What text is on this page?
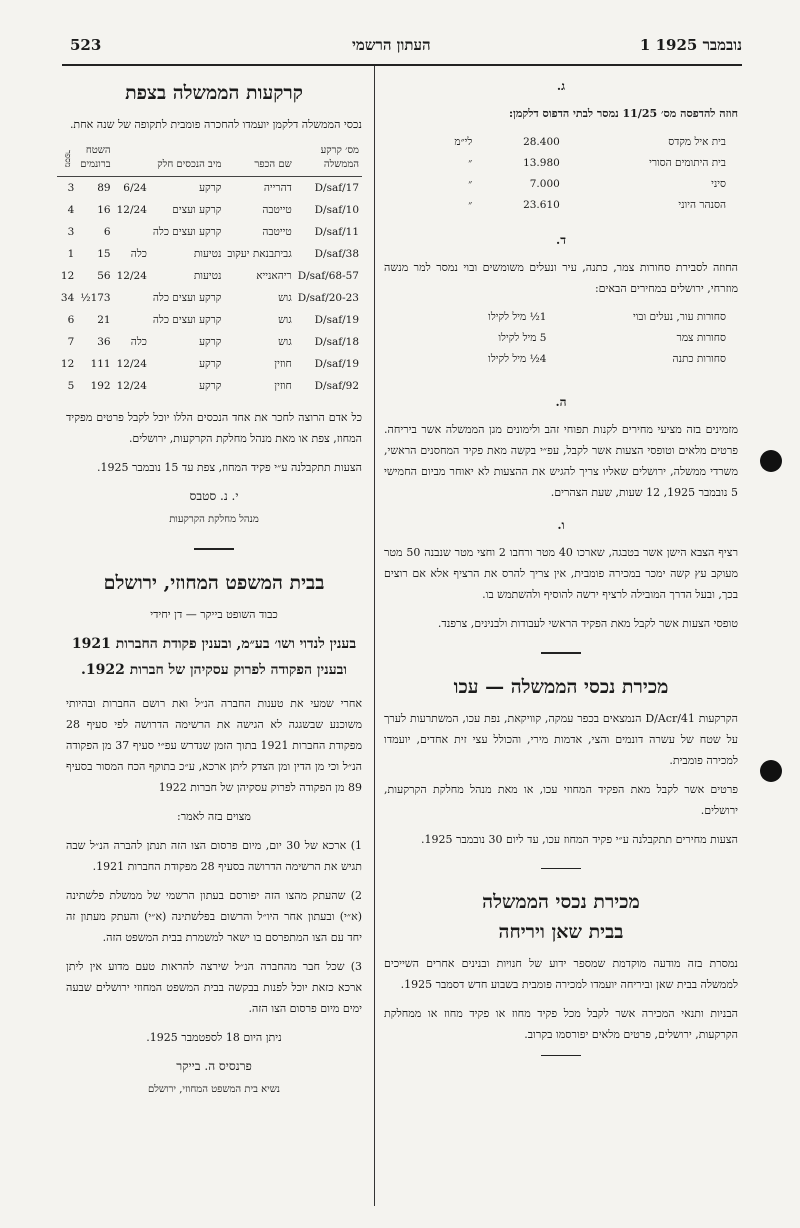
523	העתון הרשמי	1 נובמבר 1925
ג.

חוזה להדפסה מס׳ 11/25 נמסר לבתי הדפוס דלקמן:

בית איל מקדס	28.400	לי״מ
בית היתומים הסורי	13.980	״
סיני	7.000	״
הסנהר היוני	23.610	״
ד.

החוזה לסבירת סחורות צמר, כתנה, עיר ונעלים משומשים ובוי נמסר למר מנשה מוזרחי, ירושלים במחירים הבאים:

סחורות עור, נעלים ובוי	1½ מיל לקילו
סחורות צמר	5 מיל לקילו
סחורות כתנה	4½ מיל לקילו
ה.

מזמינים בזה מציעי מחירים לקנות תפוחי זהב ולימונים מגן הממשלה אשר ביריחה. פרטים מלאים וטופסי הצעות אשר לקבל, עפ״י בקשה מאת פקיד המחסנים הראשי, משרדי ממשלה, ירושלים שאליו צריך להגיש את ההצעות לא יאוחר מביום החמישי 5 נובמבר 1925, 12 שעות, שעת הצהרים.

ו.

רציף הצבא הישן אשר בטבגה, שארכו 40 מטר ורחבו 2 וחצי מטר שנבנה 50 מטר מעוקב עץ קשה ימכר במכירה פומבית, אין צריך להרס את הרציף אלא אם רוצים בכך, ובעל הדרך המובילה לרציף ירשה להוסיף ולהשתמש בו.

טופסי הצעות אשר לקבל מאת הפקיד הראשי לעבודות ולבנינים, צרפנד.

מכירת נכסי הממשלה — עכו

הקרקעות D/Acr/41 הנמצאים בכפר עמקה, קוויקאת, נפת עכו, המשתרעות לערך על שטח של עשרה דונמים והצי, אדמות מירי, והכולל עצי זית אחדים, יועמדו למכירה פומבית.

פרטים אשר לקבל מאת הפקיד המחוזי עכו, או מאת מנהל מחלקת הקרקעות, ירושלים.

הצעות מחירים תתקבלנה ע״י פקיד המחוז עכו, עד ליום 30 נובמבר 1925.

מכירת נכסי הממשלה
בבית שאן ויריחה

נמסרת בזה מודעה מוקדמת שמספר ידוע של חנויות ובנינים אחרים השייכים לממשלה בבית שאן וביריחה יועמדו למכירה פומבית בשבוע חדש דסמבר 1925.

הבניות ותנאי המכירה אשר לקבל מכל פקיד מחוז או פקיד מחוז או ממחלקת הקרקעות, ירושלים, פרטים מלאים יפורסמו בקרוב.

קרקעות הממשלה בצפת

נכסי הממשלה דלקמן יועמדו להחכרה פומבית לתקופה של שנה אחת.

מס׳ קרקע הממשלה	שם הכפר	מיב הנכסים חלק		השטח ברונמים	מספר
D/saf/17	דהרייה	קרקע	6/24	89	3
D/saf/10	טייטבה	קרקע ועצים	12/24	16	4
D/saf/11	טייטבה	קרקע ועצים כלה		6	3
D/saf/38	גביתבנאת יעקוב	נטיעות	כלה	15	1
D/saf/68-57	ריהאנייא	נטיעות	12/24	56	12
D/saf/20-23	גוש	קרקע ועצים כלה		173½	34
D/saf/19	גוש	קרקע ועצים כלה		21	6
D/saf/18	גוש	קרקע	כלה	36	7
D/saf/19	חוזין	קרקע	12/24	111	12
D/saf/92	חוזין	קרקע	12/24	192	5

כל אדם הרוצה לחכר את אחד הנכסים הללו יוכל לקבל פרטים מפקיד המחוז, צפת או מאת מנהל מחלקת הקרקעות, ירושלים.

הצעות תתקבלנה ע״י פקיד המחוז, צפת עד 15 נובמבר 1925.

י. נ. סטבס
מנהל מחלקת הקרקעות
בבית המשפט המחוזי, ירושלם
כבוד השופט בייקר — דן יחידי
בענין לנדוי ושו׳ בע״מ, ובענין פקודת החברות 1921 ובענין הפקודה לפרוק עסקיהן של חברות 1922.

אחרי שמעי את טענות החברה הנ״ל ואת רושם החברות ובהיותי משוכנע שבשגגה לא הגישה את הרשימה הדרושה לפי סעיף 28 מפקודת החברות 1921 בתוך הזמן שנדרש עפ״י סעיף 37 מן הפקודה הנ״ל וכי מן הדין ומן הצדק ליתן ארכא, ע״כ בתוקף הכח המסור בסעיף 89 מן הפקודה לפרוק עסקיהן של חברות 1922

מצוים בזה לאמר:

1) ארכא של 30 יום, מיום פרסום הצו הזה תנתן להברה הנ״ל שבה תגיש את הרשימה הדרושה בסעיף 28 מפקודת החברות 1921.

2) שהעתק מהצו הזה יפורסם בעתון הרשמי של ממשלת פלשתינה (א״י) ובעתון אחר היו״ל והרשום בפלשתינה (א״י) והעתק מעתון זה יחד עם הצו המתפרסם בו ישאר למשמרת בבית המשפט הזה.

3) שכל חבר מהחברה הנ״ל שירצה להראות טעם מדוע אין ליתן ארכא כזאת יוכל לפנות בבקשה בבית המשפט המחוזי ירושלים שבעה ימים מיום פרסום הצו הזה.

ניתן היום 18 לספטמבר 1925.

פרנסיס ה. בייקר
נשיא בית המשפט המחוזי, ירושלם
